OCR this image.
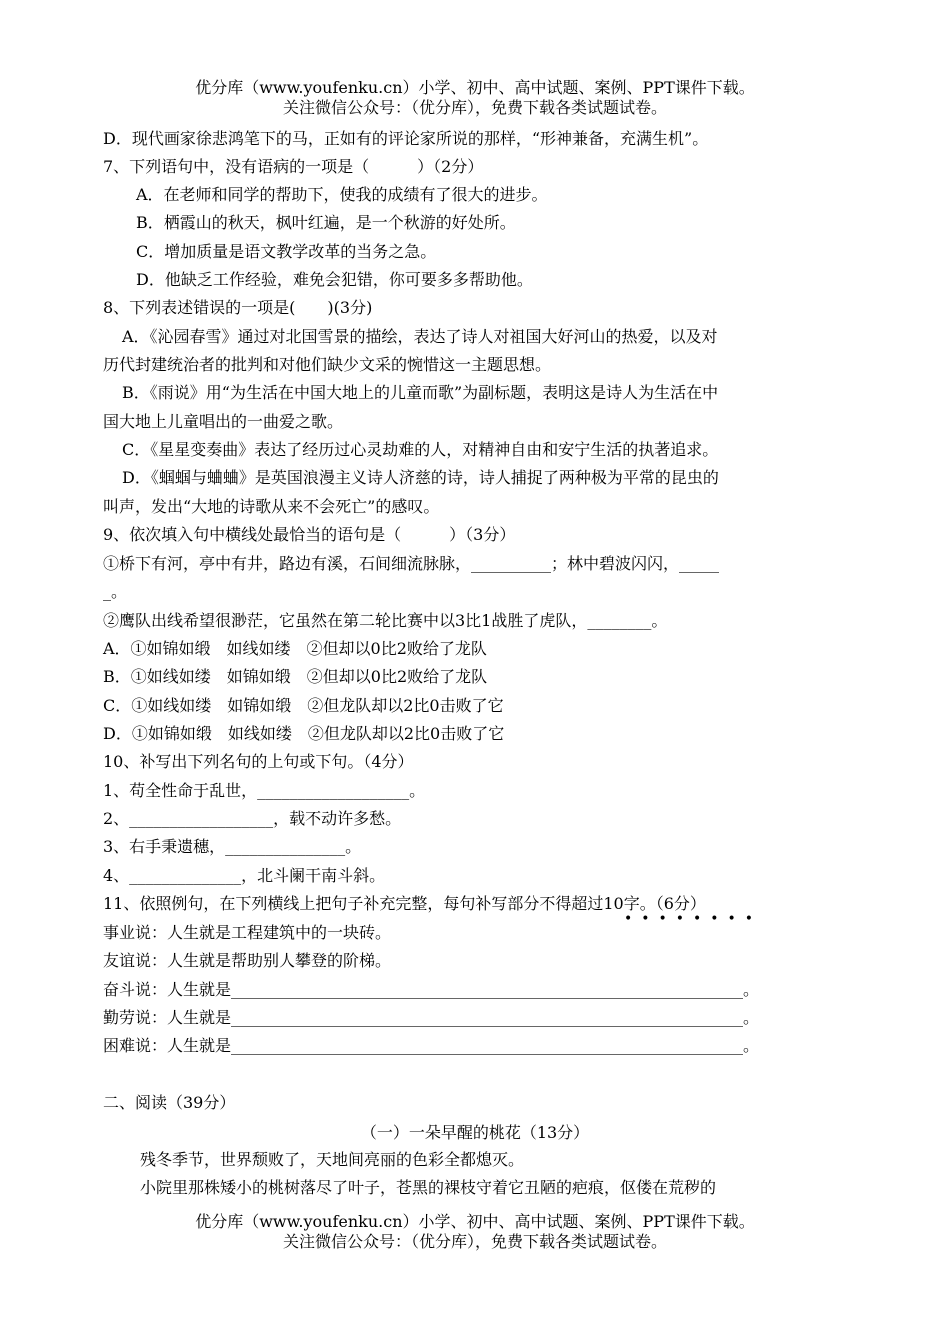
优分库（www.youfenku.cn）小学、初中、高中试题、案例、PPT课件下载。
关注微信公众号：（优分库），免费下载各类试题试卷。
D．现代画家徐悲鸿笔下的马，正如有的评论家所说的那样，“形神兼备，充满生机”。
7、下列语句中，没有语病的一项是（　　　）（2分）
A．在老师和同学的帮助下，使我的成绩有了很大的进步。
B．栖霞山的秋天，枫叶红遍，是一个秋游的好处所。
C．增加质量是语文教学改革的当务之急。
D．他缺乏工作经验，难免会犯错，你可要多多帮助他。
8、下列表述错误的一项是(　　)(3分)
A．《沁园春雪》通过对北国雪景的描绘，表达了诗人对祖国大好河山的热爱，以及对
历代封建统治者的批判和对他们缺少文采的惋惜这一主题思想。
B．《雨说》用“为生活在中国大地上的儿童而歌”为副标题，表明这是诗人为生活在中
国大地上儿童唱出的一曲爱之歌。
C．《星星变奏曲》表达了经历过心灵劫难的人，对精神自由和安宁生活的执著追求。
D．《蝈蝈与蛐蛐》是英国浪漫主义诗人济慈的诗，诗人捕捉了两种极为平常的昆虫的
叫声，发出“大地的诗歌从来不会死亡”的感叹。
9、依次填入句中横线处最恰当的语句是（　　　）（3分）
①桥下有河，亭中有井，路边有溪，石间细流脉脉，__________；林中碧波闪闪，_____
_。
②鹰队出线希望很渺茫，它虽然在第二轮比赛中以3比1战胜了虎队，________。
A．①如锦如缎　如线如缕　②但却以0比2败给了龙队
B．①如线如缕　如锦如缎　②但却以0比2败给了龙队
C．①如线如缕　如锦如缎　②但龙队却以2比0击败了它
D．①如锦如缎　如线如缕　②但龙队却以2比0击败了它
10、补写出下列名句的上句或下句。（4分）
1、苟全性命于乱世，___________________。
2、__________________，载不动许多愁。
3、右手秉遗穗，_______________。
4、______________，北斗阑干南斗斜。
11、依照例句，在下列横线上把句子补充完整，每句补写部分不得超过10字。（6分）
••••••••
事业说：人生就是工程建筑中的一块砖。
友谊说：人生就是帮助别人攀登的阶梯。
奋斗说：人生就是________________________________________________________________。
勤劳说：人生就是________________________________________________________________。
困难说：人生就是________________________________________________________________。
二、阅读（39分）
（一）一朵早醒的桃花（13分）
残冬季节，世界颓败了，天地间亮丽的色彩全都熄灭。
小院里那株矮小的桃树落尽了叶子，苍黑的裸枝守着它丑陋的疤痕，伛偻在荒秽的
优分库（www.youfenku.cn）小学、初中、高中试题、案例、PPT课件下载。
关注微信公众号：（优分库），免费下载各类试题试卷。
